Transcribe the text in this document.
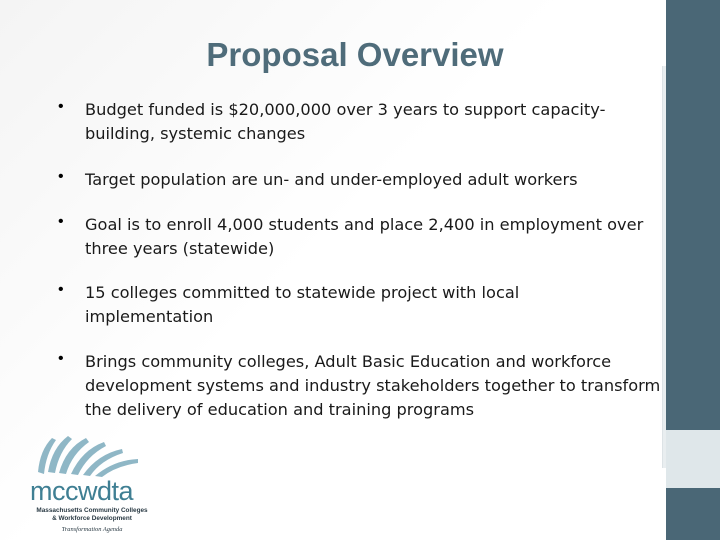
Proposal Overview
• Budget funded is $20,000,000 over 3 years to support capacity-building, systemic changes
• Target population are un- and under-employed adult workers
• Goal is to enroll 4,000 students and place 2,400 in employment over three years (statewide)
• 15 colleges committed to statewide project with local implementation
• Brings community colleges, Adult Basic Education and workforce development systems and industry stakeholders together to transform the delivery of education and training programs
mccwdta
Massachusetts Community Colleges
& Workforce Development
Transformation Agenda
